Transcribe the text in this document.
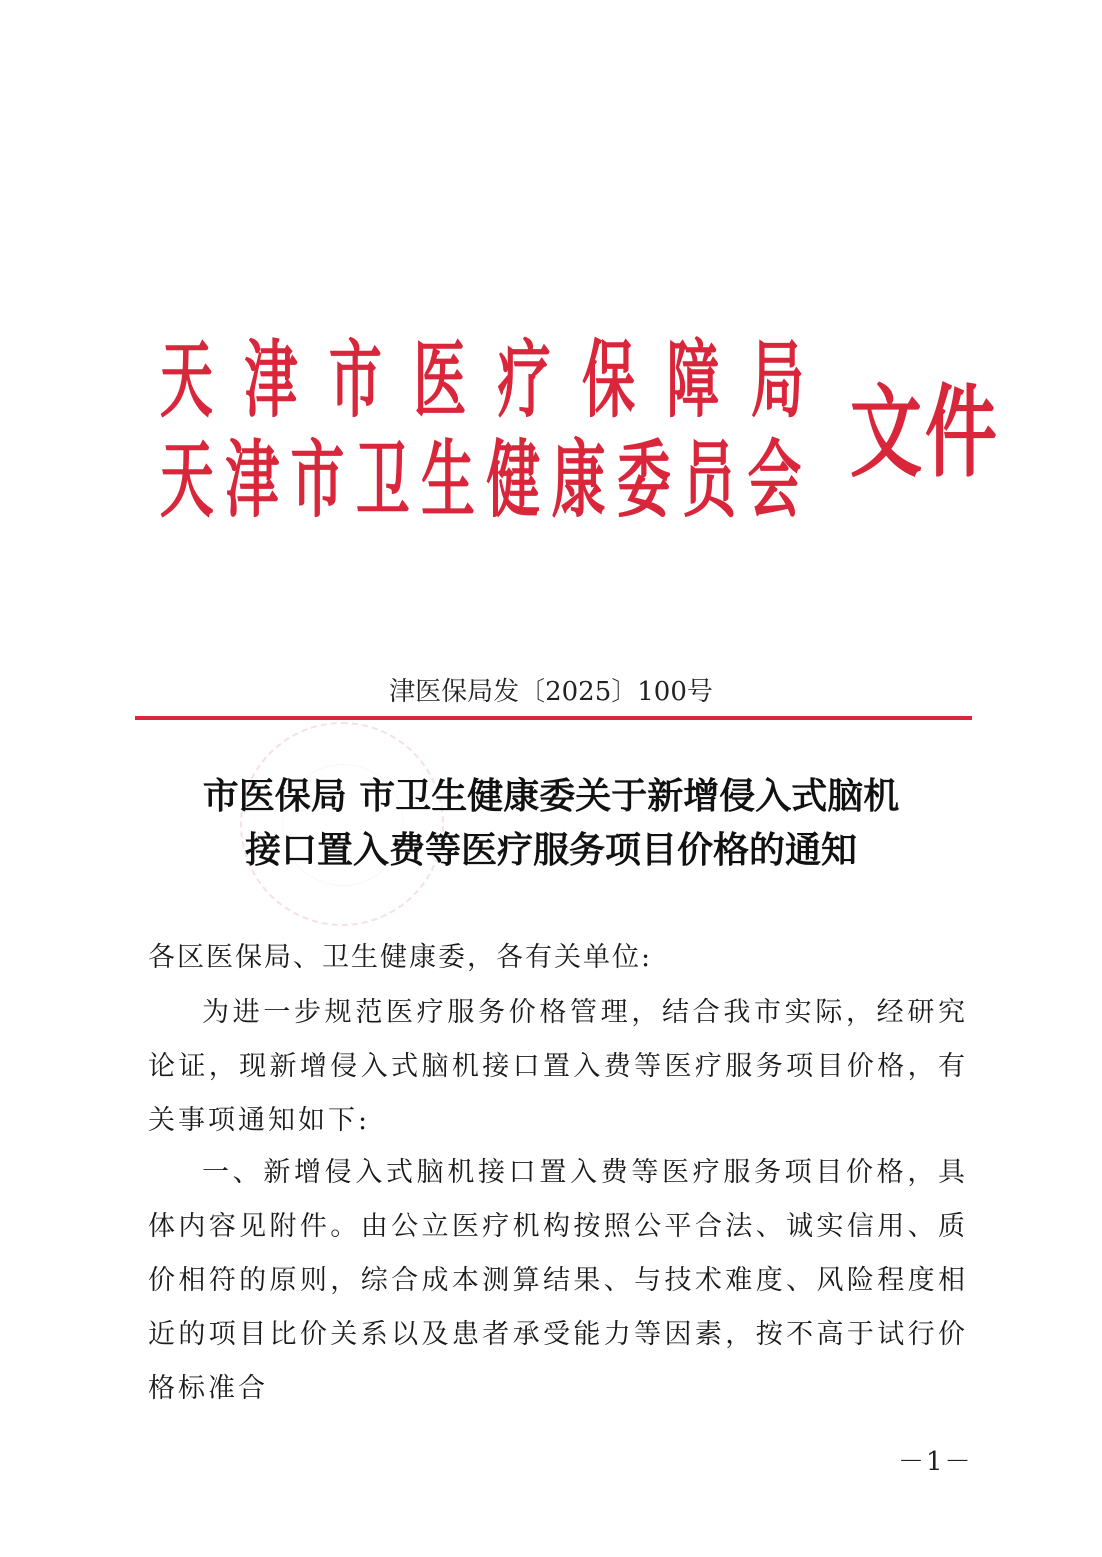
天津市医疗保障局
天津市卫生健康委员会 文件
津医保局发〔2025〕100号
市医保局 市卫生健康委关于新增侵入式脑机
接口置入费等医疗服务项目价格的通知
各区医保局、卫生健康委，各有关单位:
为进一步规范医疗服务价格管理，结合我市实际，经研究论证，现新增侵入式脑机接口置入费等医疗服务项目价格，有关事项通知如下:
一、新增侵入式脑机接口置入费等医疗服务项目价格，具体内容见附件。由公立医疗机构按照公平合法、诚实信用、质价相符的原则，综合成本测算结果、与技术难度、风险程度相近的项目比价关系以及患者承受能力等因素，按不高于试行价格标准合
－1－
